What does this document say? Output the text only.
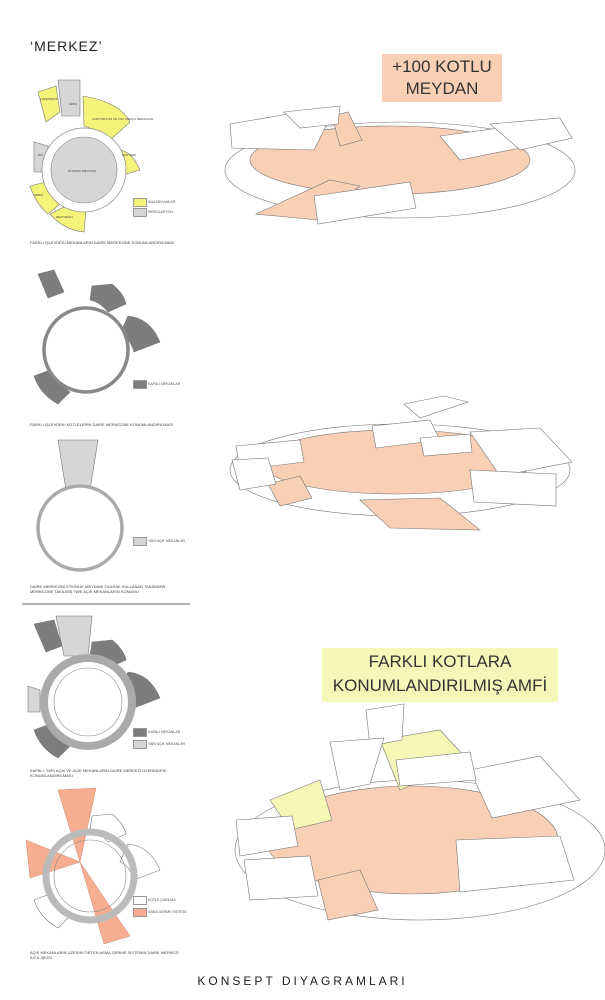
GİRİŞ
KAFETERYA
AUDİTORYUM VE ÇOK AMAÇLI MEKANLAR
BUS PEDİ
WC
SERGİ
RESTORAN
ETKİNLİK MEYDANI
‘MERKEZ’
ANA MEKANLAR
SİRKÜLASYON
FARKLI İŞLEVDEKİ MEKANLARIN DAİRE MERKEZİNE KONUMLANDIRILMASI
KAPALI MEKANLAR
FARKLI İŞLEVDEKİ KÜTLELERİN DAİRE MERKEZİNE KONUMLANDIRILMASI
YARI AÇIK MEKANLAR
DAİRE MERKEZİNİ ETKİNLİK MEYDANI OLARAK KULLANAN TASARIMIN MERKEZİNE TAKILMIŞ YARI AÇIK MEKANLARIN KONUMU
KAPALI MEKANLAR
YARI AÇIK MEKANLAR
KAPALI, YARI AÇIK VE AÇIK MEKANLARIN DAİRE MERKEZİ ÜZERİNDEKİ KONUMLANDIRILMASI
KÜTLE ÇAKILMA
ASMA GERME SİSTEMİ
AÇIK MEKANLARIN ÜZERİNİ ÖRTEN ASMA GERME SİSTEMİN DAİRE MERKEZİ İLE İLİŞKİSİ
+100 KOTLU
MEYDAN
FARKLI KOTLARA
KONUMLANDIRILMIŞ AMFİ
KONSEPT DIYAGRAMLARI
